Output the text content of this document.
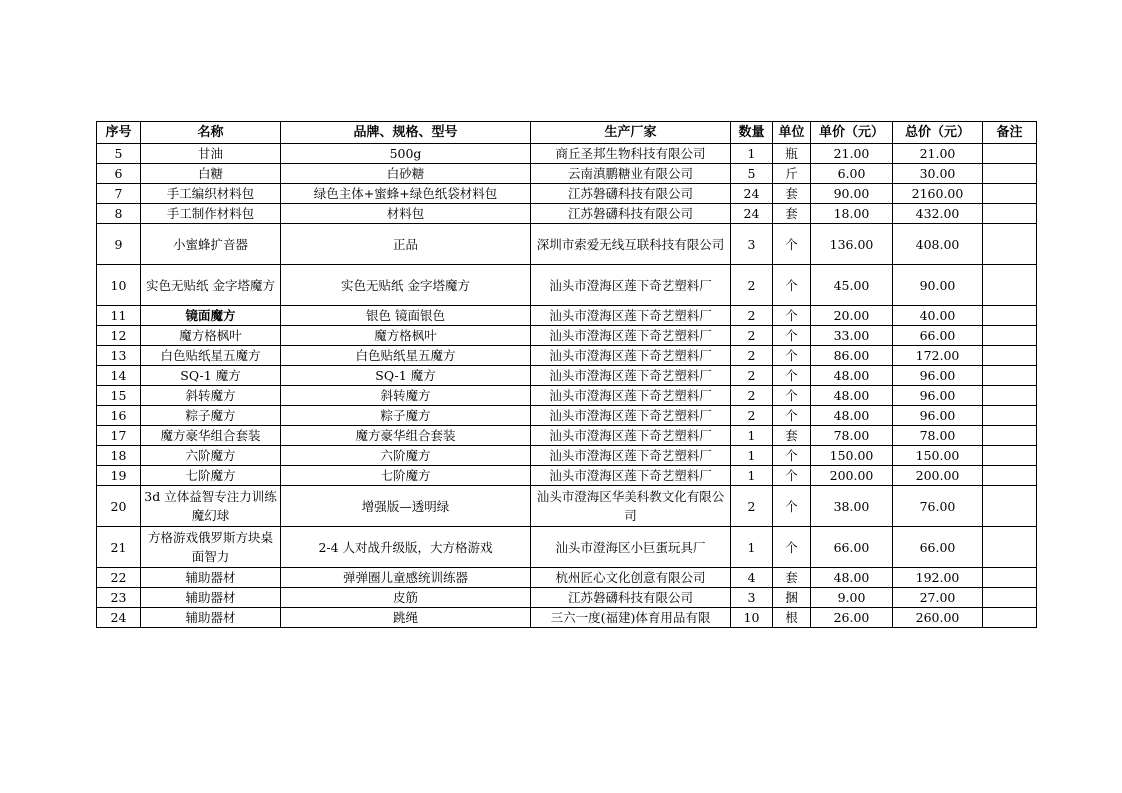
序号	名称	品牌、规格、型号	生产厂家	数量	单位	单价（元）	总价（元）	备注
5	甘油	500g	商丘圣邦生物科技有限公司	1	瓶	21.00	21.00	
6	白糖	白砂糖	云南滇鹏糖业有限公司	5	斤	6.00	30.00	
7	手工编织材料包	绿色主体+蜜蜂+绿色纸袋材料包	江苏磐礴科技有限公司	24	套	90.00	2160.00	
8	手工制作材料包	材料包	江苏磐礴科技有限公司	24	套	18.00	432.00	
9	小蜜蜂扩音器	正品	深圳市索爱无线互联科技有限公司	3	个	136.00	408.00	
10	实色无贴纸 金字塔魔方	实色无贴纸 金字塔魔方	汕头市澄海区莲下奇艺塑料厂	2	个	45.00	90.00	
11	镜面魔方	银色 镜面银色	汕头市澄海区莲下奇艺塑料厂	2	个	20.00	40.00	
12	魔方格枫叶	魔方格枫叶	汕头市澄海区莲下奇艺塑料厂	2	个	33.00	66.00	
13	白色贴纸星五魔方	白色贴纸星五魔方	汕头市澄海区莲下奇艺塑料厂	2	个	86.00	172.00	
14	SQ-1 魔方	SQ-1 魔方	汕头市澄海区莲下奇艺塑料厂	2	个	48.00	96.00	
15	斜转魔方	斜转魔方	汕头市澄海区莲下奇艺塑料厂	2	个	48.00	96.00	
16	粽子魔方	粽子魔方	汕头市澄海区莲下奇艺塑料厂	2	个	48.00	96.00	
17	魔方豪华组合套装	魔方豪华组合套装	汕头市澄海区莲下奇艺塑料厂	1	套	78.00	78.00	
18	六阶魔方	六阶魔方	汕头市澄海区莲下奇艺塑料厂	1	个	150.00	150.00	
19	七阶魔方	七阶魔方	汕头市澄海区莲下奇艺塑料厂	1	个	200.00	200.00	
20	3d 立体益智专注力训练魔幻球	增强版—透明绿	汕头市澄海区华美科教文化有限公司	2	个	38.00	76.00	
21	方格游戏俄罗斯方块桌面智力	2-4 人对战升级版，大方格游戏	汕头市澄海区小巨蛋玩具厂	1	个	66.00	66.00	
22	辅助器材	弹弹圈儿童感统训练器	杭州匠心文化创意有限公司	4	套	48.00	192.00	
23	辅助器材	皮筋	江苏磐礴科技有限公司	3	捆	9.00	27.00	
24	辅助器材	跳绳	三六一度(福建)体育用品有限	10	根	26.00	260.00	
